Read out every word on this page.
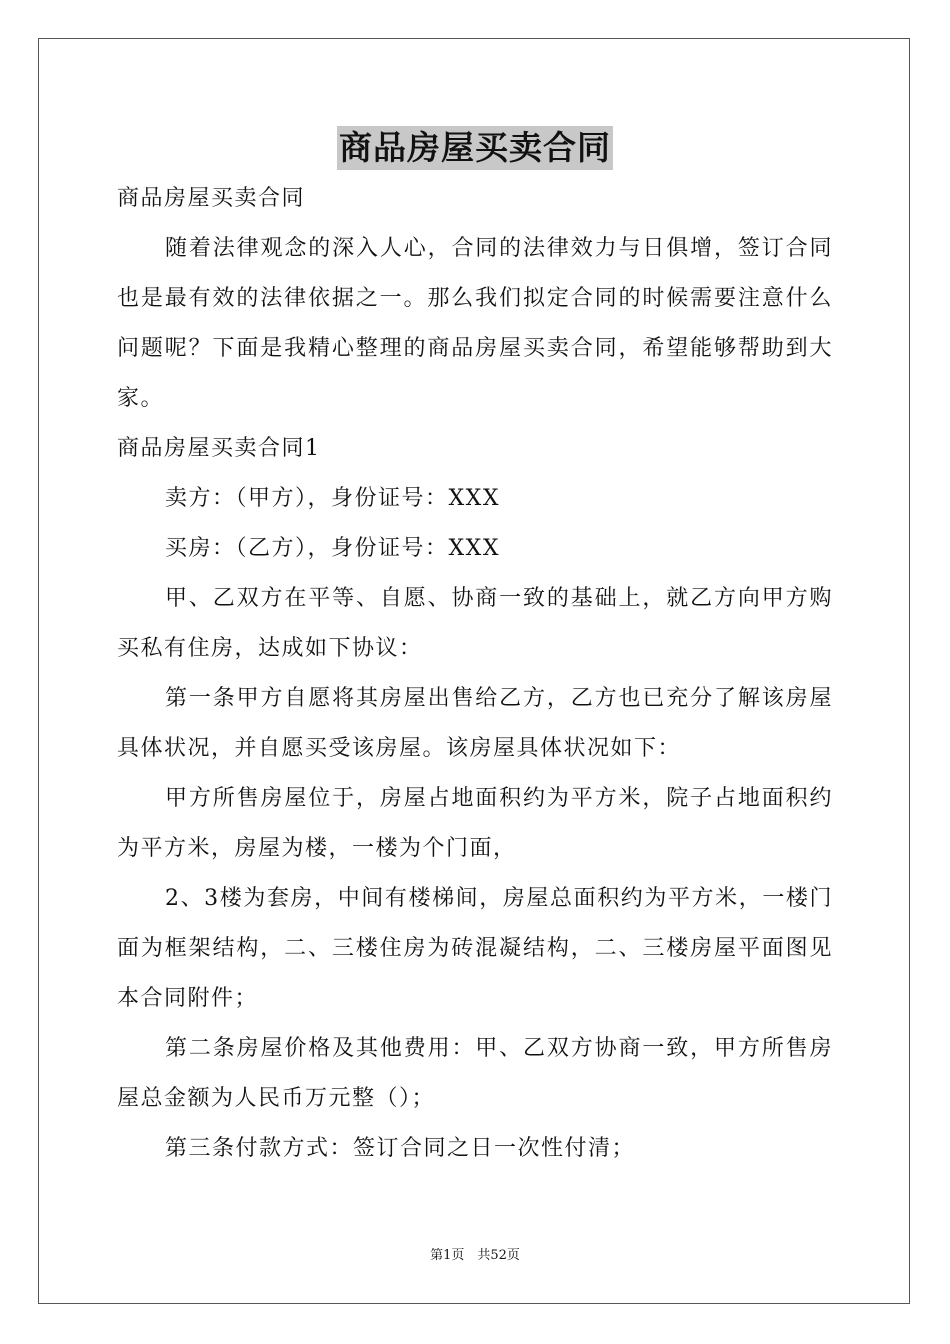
商品房屋买卖合同

商品房屋买卖合同

随着法律观念的深入人心，合同的法律效力与日俱增，签订合同也是最有效的法律依据之一。那么我们拟定合同的时候需要注意什么问题呢？下面是我精心整理的商品房屋买卖合同，希望能够帮助到大家。

商品房屋买卖合同1

卖方：（甲方），身份证号：XXX

买房：（乙方），身份证号：XXX

甲、乙双方在平等、自愿、协商一致的基础上，就乙方向甲方购买私有住房，达成如下协议：

第一条甲方自愿将其房屋出售给乙方，乙方也已充分了解该房屋具体状况，并自愿买受该房屋。该房屋具体状况如下：

甲方所售房屋位于，房屋占地面积约为平方米，院子占地面积约为平方米，房屋为楼，一楼为个门面，

2、3楼为套房，中间有楼梯间，房屋总面积约为平方米，一楼门面为框架结构，二、三楼住房为砖混凝结构，二、三楼房屋平面图见本合同附件；

第二条房屋价格及其他费用：甲、乙双方协商一致，甲方所售房屋总金额为人民币万元整（）；

第三条付款方式：签订合同之日一次性付清；

第1页　共52页
